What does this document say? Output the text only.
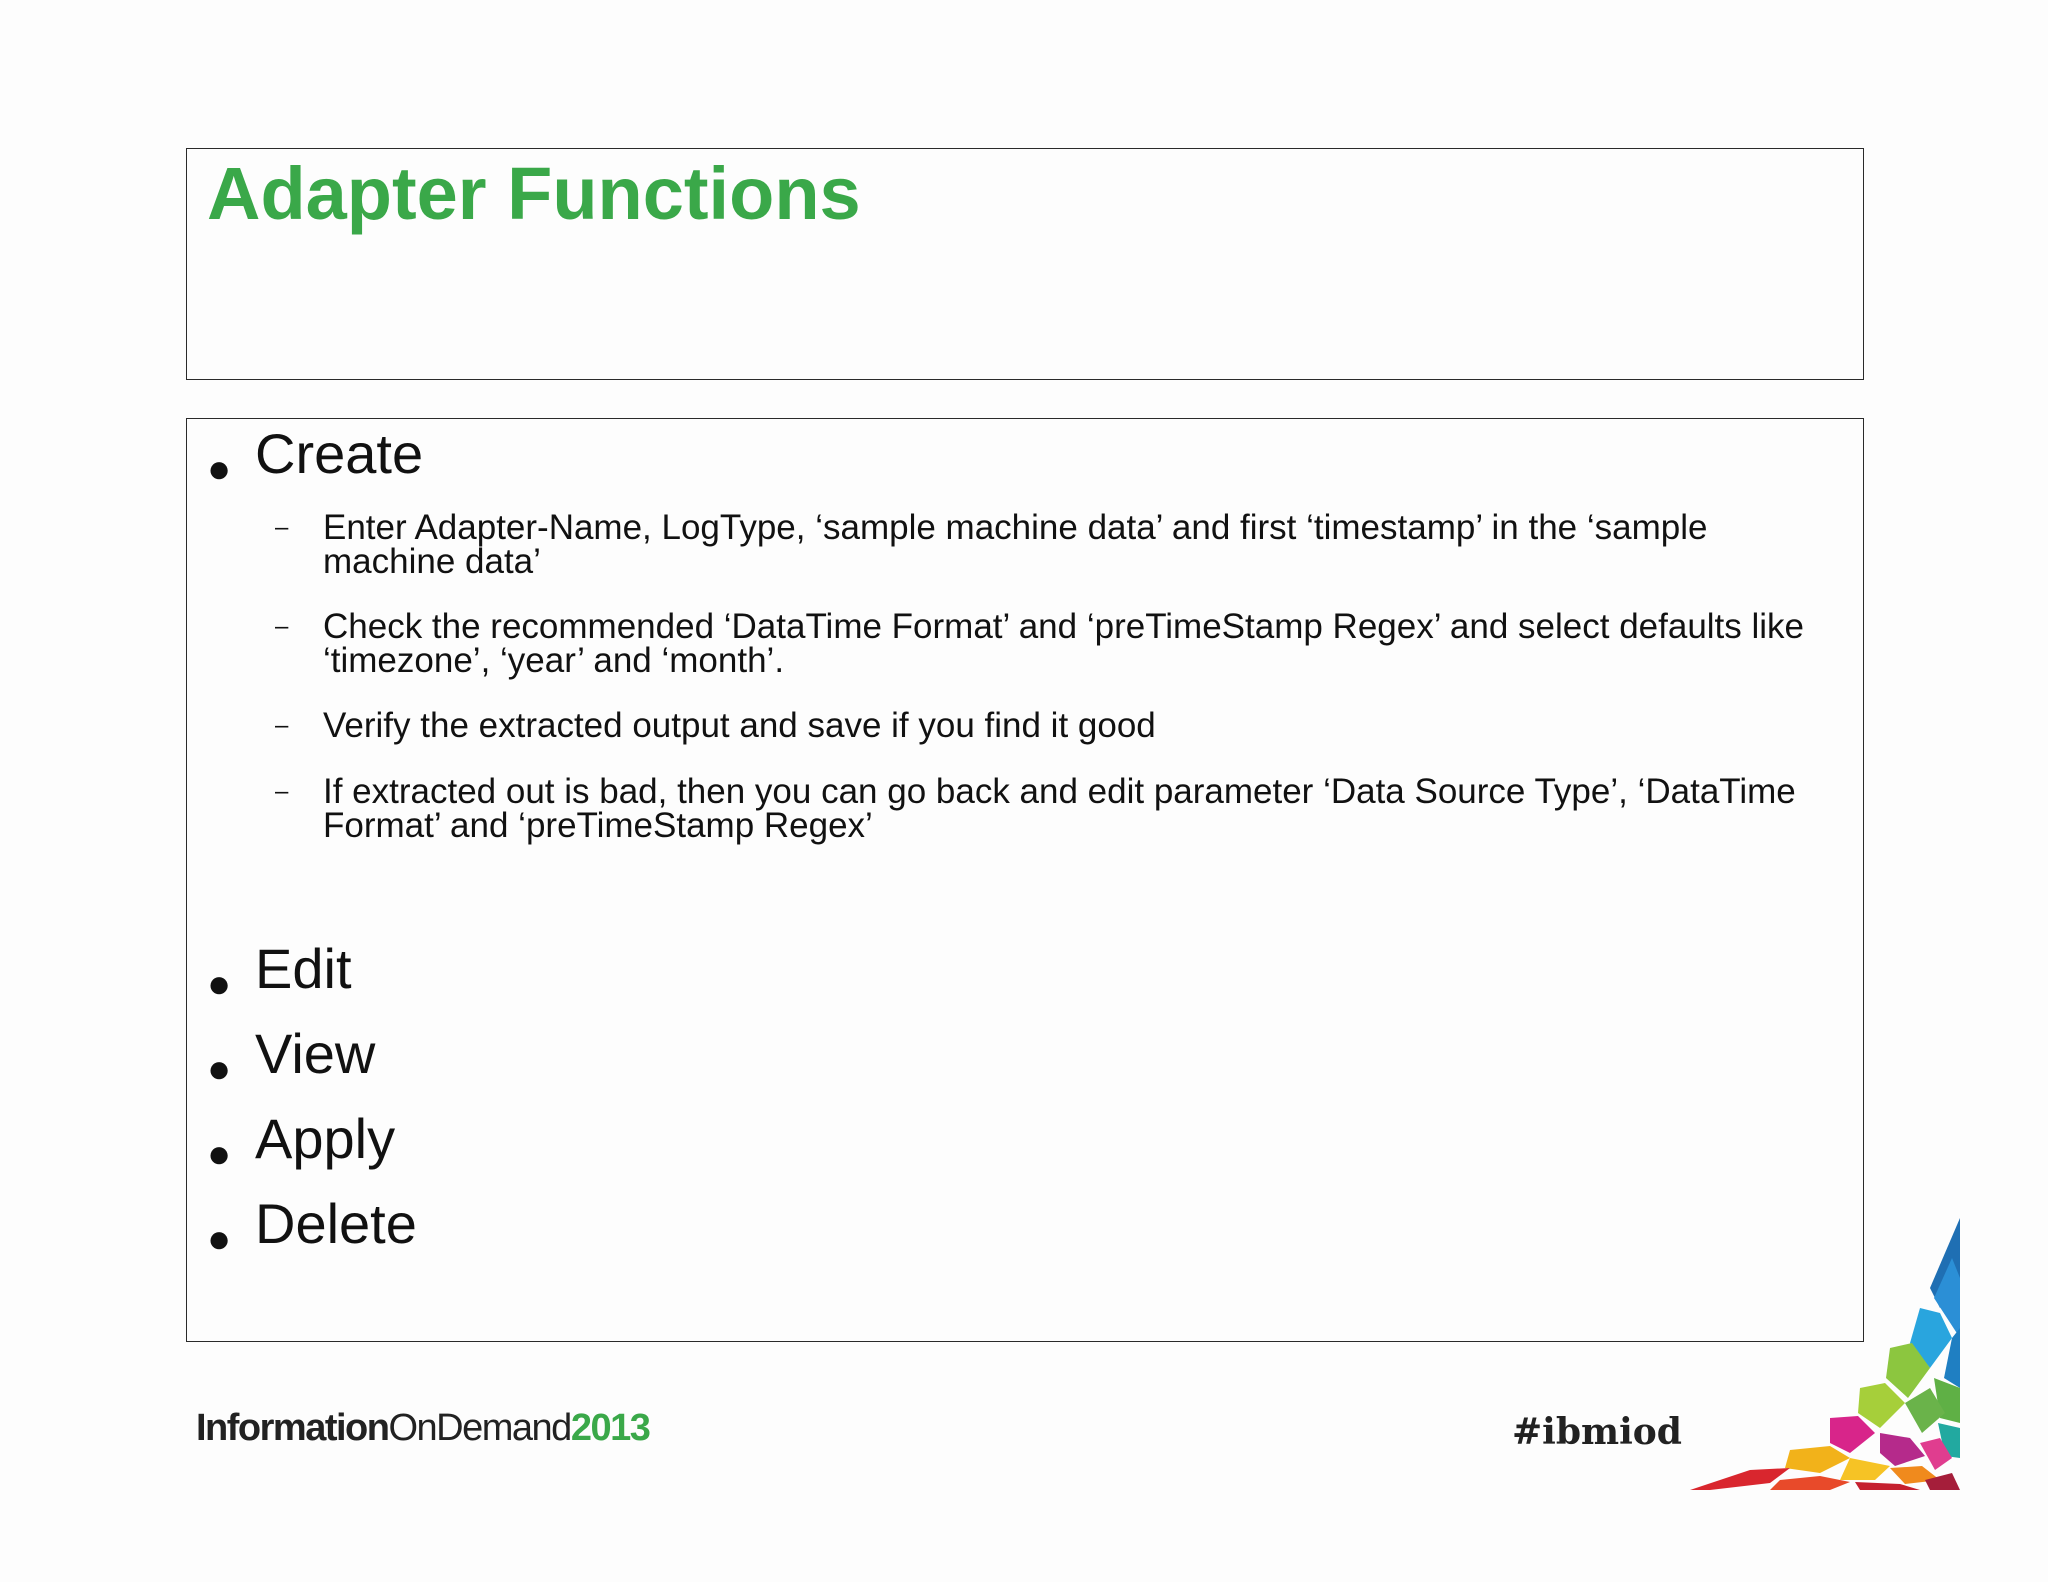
Adapter Functions
● Create
– Enter Adapter-Name, LogType, ‘sample machine data’ and first ‘timestamp’ in the ‘sample machine data’
– Check the recommended ‘DataTime Format’ and ‘preTimeStamp Regex’ and select defaults like ‘timezone’, ‘year’ and ‘month’.
– Verify the extracted output and save if you find it good
– If extracted out is bad, then you can go back and edit parameter ‘Data Source Type’, ‘DataTime Format’ and ‘preTimeStamp Regex’
● Edit
● View
● Apply
● Delete
InformationOnDemand2013	#ibmiod
